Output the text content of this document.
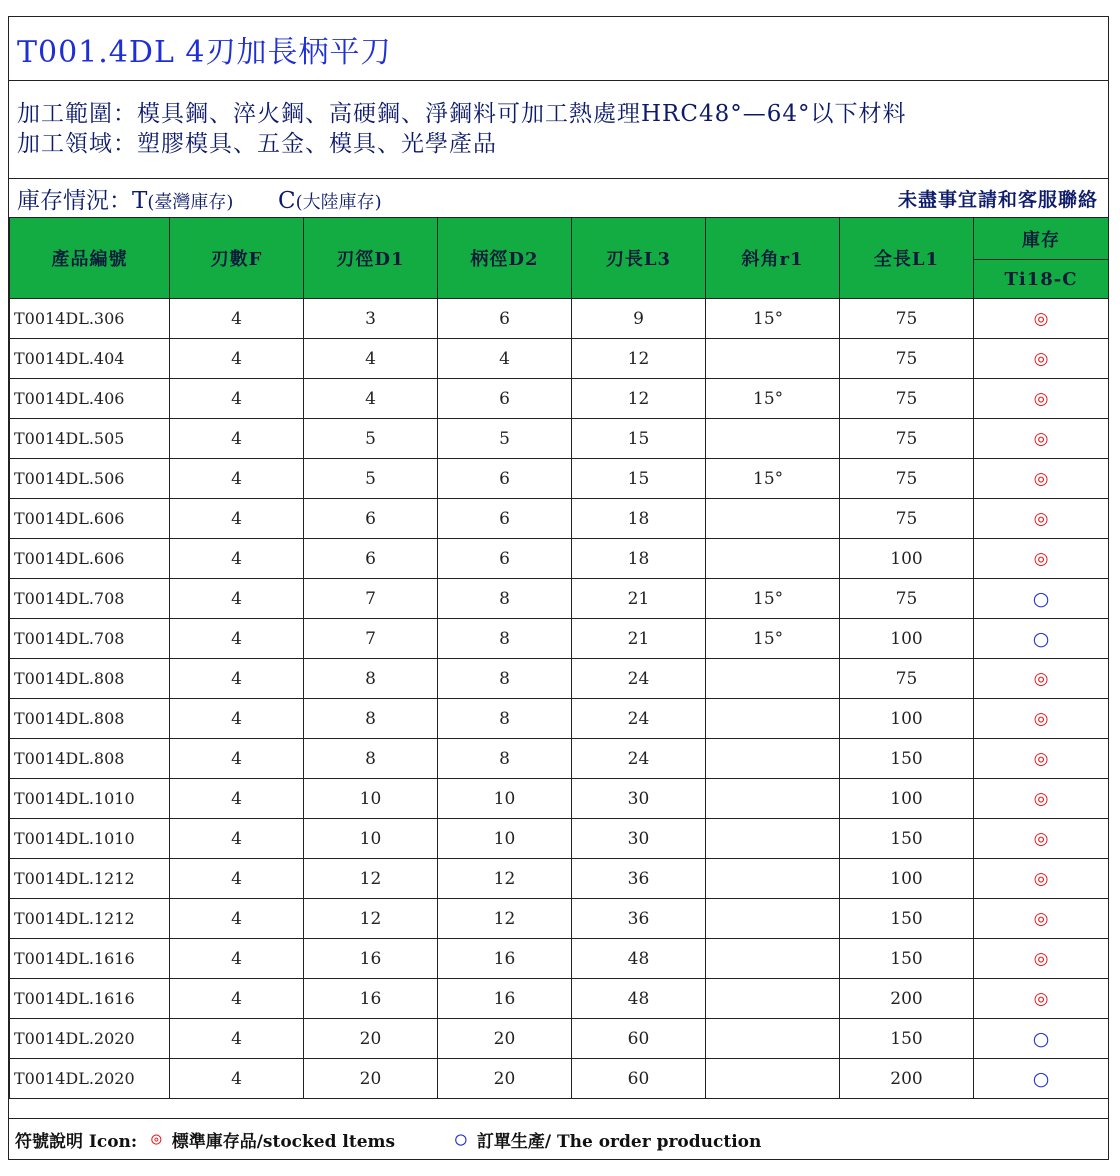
T001.4DL 4刃加長柄平刀
加工範圍：模具鋼、淬火鋼、高硬鋼、淨鋼料可加工熱處理HRC48°—64°以下材料
加工領域：塑膠模具、五金、模具、光學產品
庫存情況：T(臺灣庫存) C(大陸庫存)	未盡事宜請和客服聯絡
產品編號	刃數F	刃徑D1	柄徑D2	刃長L3	斜角r1	全長L1	庫存
							Ti18-C
T0014DL.306	4	3	6	9	15°	75	◎
T0014DL.404	4	4	4	12		75	◎
T0014DL.406	4	4	6	12	15°	75	◎
T0014DL.505	4	5	5	15		75	◎
T0014DL.506	4	5	6	15	15°	75	◎
T0014DL.606	4	6	6	18		75	◎
T0014DL.606	4	6	6	18		100	◎
T0014DL.708	4	7	8	21	15°	75	○
T0014DL.708	4	7	8	21	15°	100	○
T0014DL.808	4	8	8	24		75	◎
T0014DL.808	4	8	8	24		100	◎
T0014DL.808	4	8	8	24		150	◎
T0014DL.1010	4	10	10	30		100	◎
T0014DL.1010	4	10	10	30		150	◎
T0014DL.1212	4	12	12	36		100	◎
T0014DL.1212	4	12	12	36		150	◎
T0014DL.1616	4	16	16	48		150	◎
T0014DL.1616	4	16	16	48		200	◎
T0014DL.2020	4	20	20	60		150	○
T0014DL.2020	4	20	20	60		200	○
符號說明 Icon: ◎
標準庫存品/stocked ltems	○
訂單生產/ The order production
